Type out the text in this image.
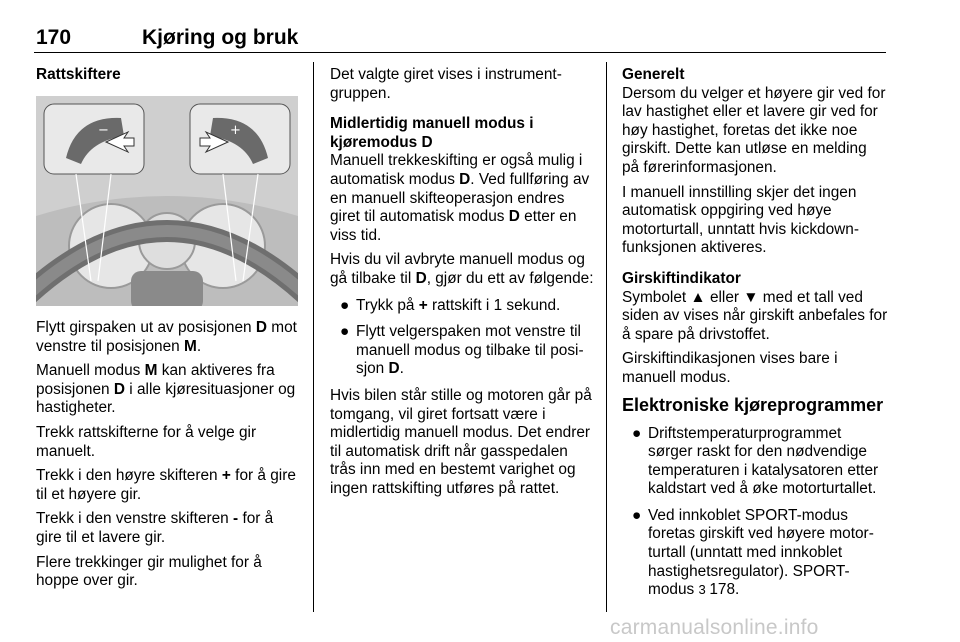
170	Kjøring og bruk

Rattskiftere

−	+

Flytt girspaken ut av posisjonen D mot venstre til posisjonen M.

Manuell modus M kan aktiveres fra posisjonen D i alle kjøresituasjoner og hastigheter.

Trekk rattskifterne for å velge gir manuelt.

Trekk i den høyre skifteren + for å gire til et høyere gir.

Trekk i den venstre skifteren - for å gire til et lavere gir.

Flere trekkinger gir mulighet for å hoppe over gir.

Det valgte giret vises i instrumentgruppen.

Midlertidig manuell modus i kjøremodus D

Manuell trekkeskifting er også mulig i automatisk modus D. Ved fullføring av en manuell skifteoperasjon endres giret til automatisk modus D etter en viss tid.

Hvis du vil avbryte manuell modus og gå tilbake til D, gjør du ett av følgende:

● Trykk på + rattskift i 1 sekund.
● Flytt velgerspaken mot venstre til manuell modus og tilbake til posisjon D.

Hvis bilen står stille og motoren går på tomgang, vil giret fortsatt være i midlertidig manuell modus. Det endrer til automatisk drift når gasspedalen trås inn med en bestemt varighet og ingen rattskifting utføres på rattet.

Generelt

Dersom du velger et høyere gir ved for lav hastighet eller et lavere gir ved for høy hastighet, foretas det ikke noe girskift. Dette kan utløse en melding på førerinformasjonen.

I manuell innstilling skjer det ingen automatisk oppgiring ved høye motorturtall, unntatt hvis kickdown-funksjonen aktiveres.

Girskiftindikator

Symbolet ▲ eller ▼ med et tall ved siden av vises når girskift anbefales for å spare på drivstoffet.

Girskiftindikasjonen vises bare i manuell modus.

Elektroniske kjøreprogrammer
● Driftstemperaturprogrammet sørger raskt for den nødvendige temperaturen i katalysatoren etter kaldstart ved å øke motorturtallet.
● Ved innkoblet SPORT-modus foretas girskift ved høyere motorturtall (unntatt med innkoblet hastighetsregulator). SPORT-modus 3 178.
carmanualsonline.info
